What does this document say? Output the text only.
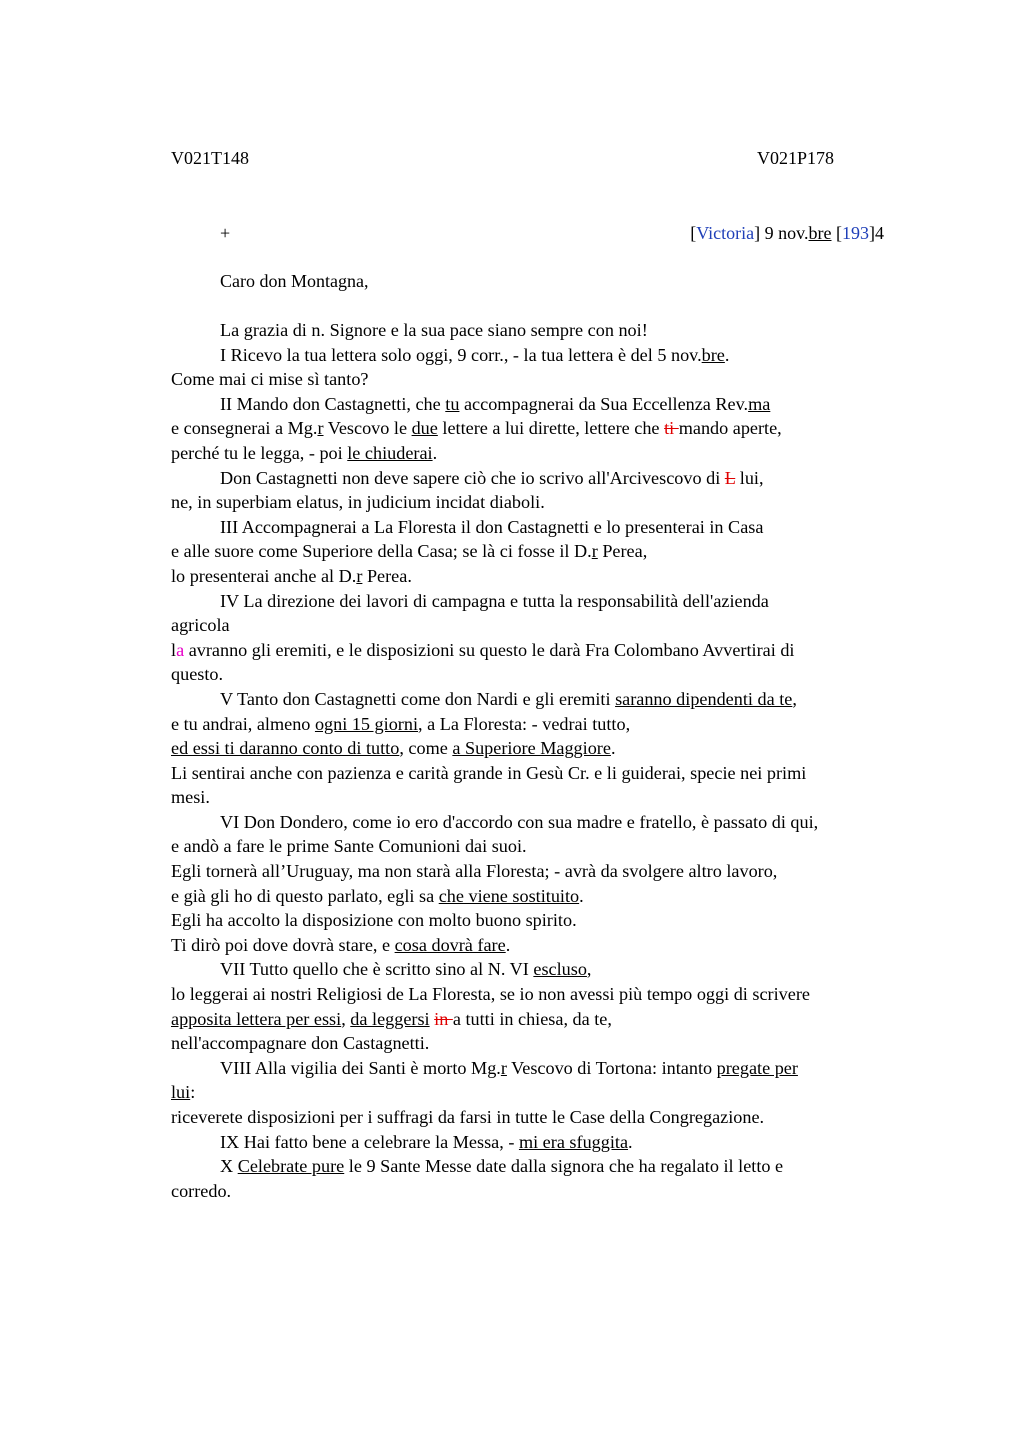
V021T148	V021P178
+	[Victoria] 9 nov.bre [193]4
Caro don Montagna,
La grazia di n. Signore e la sua pace siano sempre con noi!
I Ricevo la tua lettera solo oggi, 9 corr., - la tua lettera è del 5 nov.bre.
Come mai ci mise sì tanto?
II Mando don Castagnetti, che tu accompagnerai da Sua Eccellenza Rev.ma
e consegnerai a Mg.r Vescovo le due lettere a lui dirette, lettere che ti mando aperte,
perché tu le legga, - poi le chiuderai.
Don Castagnetti non deve sapere ciò che io scrivo all'Arcivescovo di L lui,
ne, in superbiam elatus, in judicium incidat diaboli.
III Accompagnerai a La Floresta il don Castagnetti e lo presenterai in Casa
e alle suore come Superiore della Casa; se là ci fosse il D.r Perea,
lo presenterai anche al D.r Perea.
IV La direzione dei lavori di campagna e tutta la responsabilità dell'azienda
agricola
la avranno gli eremiti, e le disposizioni su questo le darà Fra Colombano Avvertirai di
questo.
V Tanto don Castagnetti come don Nardi e gli eremiti saranno dipendenti da te,
e tu andrai, almeno ogni 15 giorni, a La Floresta: - vedrai tutto,
ed essi ti daranno conto di tutto, come a Superiore Maggiore.
Li sentirai anche con pazienza e carità grande in Gesù Cr. e li guiderai, specie nei primi
mesi.
VI Don Dondero, come io ero d'accordo con sua madre e fratello, è passato di qui,
e andò a fare le prime Sante Comunioni dai suoi.
Egli tornerà all’Uruguay, ma non starà alla Floresta; - avrà da svolgere altro lavoro,
e già gli ho di questo parlato, egli sa che viene sostituito.
Egli ha accolto la disposizione con molto buono spirito.
Ti dirò poi dove dovrà stare, e cosa dovrà fare.
VII Tutto quello che è scritto sino al N. VI escluso,
lo leggerai ai nostri Religiosi de La Floresta, se io non avessi più tempo oggi di scrivere
apposita lettera per essi, da leggersi in a tutti in chiesa, da te,
nell'accompagnare don Castagnetti.
VIII Alla vigilia dei Santi è morto Mg.r Vescovo di Tortona: intanto pregate per
lui:
riceverete disposizioni per i suffragi da farsi in tutte le Case della Congregazione.
IX Hai fatto bene a celebrare la Messa, - mi era sfuggita.
X Celebrate pure le 9 Sante Messe date dalla signora che ha regalato il letto e
corredo.
